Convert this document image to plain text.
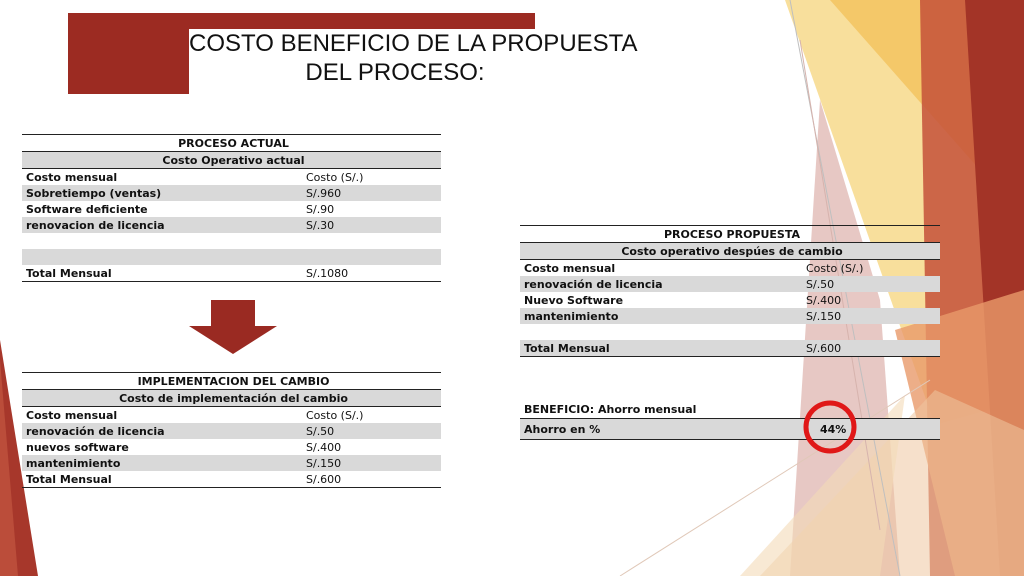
COSTO BENEFICIO DE LA PROPUESTA
DEL PROCESO:
PROCESO ACTUAL	
Costo Operativo actual	
Costo mensual	Costo (S/.)
Sobretiempo (ventas)	S/.960
Software deficiente	S/.90
renovacion de licencia	S/.30

Total Mensual	S/.1080
IMPLEMENTACION DEL CAMBIO	
Costo de implementación del cambio	
Costo mensual	Costo (S/.)
renovación de licencia	S/.50
nuevos software	S/.400
mantenimiento	S/.150
Total Mensual	S/.600
PROCESO PROPUESTA	
Costo operativo despúes de cambio	
Costo mensual	Costo (S/.)
renovación de licencia	S/.50
Nuevo Software	S/.400
mantenimiento	S/.150

Total Mensual	S/.600
BENEFICIO: Ahorro mensual
Ahorro en %	44%
